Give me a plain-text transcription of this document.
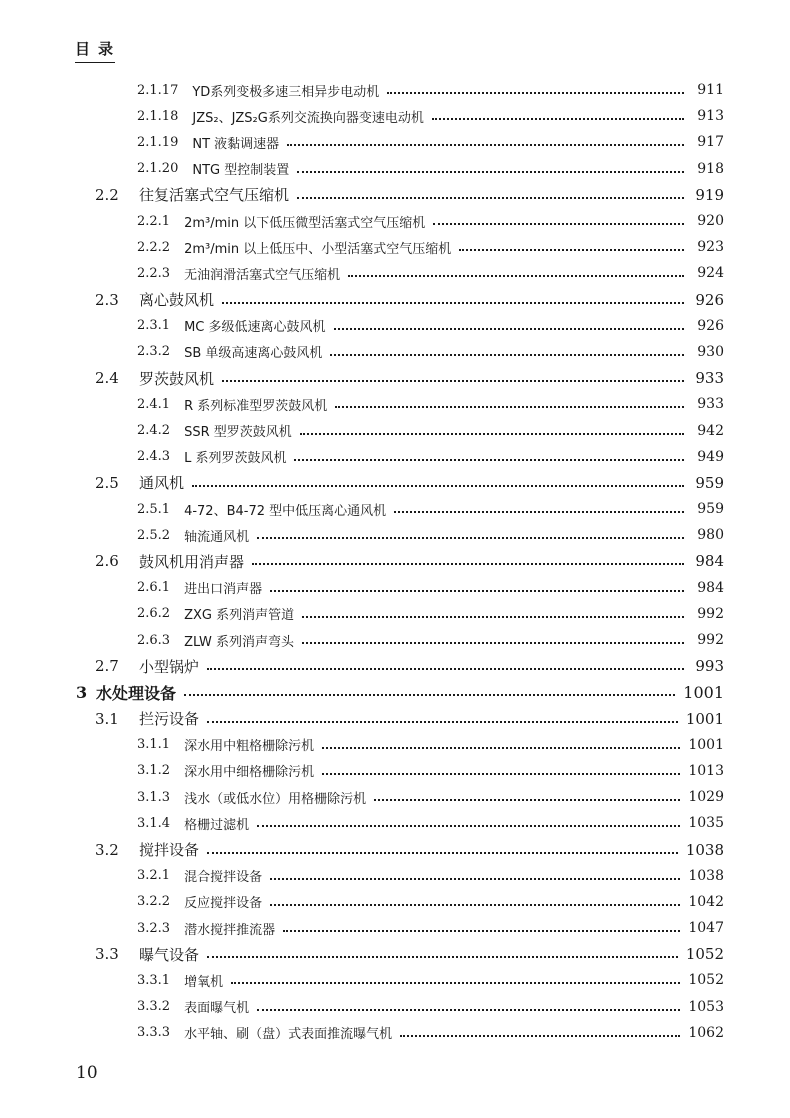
目录
2.1.17 YD系列变极多速三相异步电动机	911
2.1.18 JZS₂、JZS₂G系列交流换向器变速电动机	913
2.1.19 NT 液黏调速器	917
2.1.20 NTG 型控制装置	918
2.2	往复活塞式空气压缩机	919
2.2.1 2m³/min 以下低压微型活塞式空气压缩机	920
2.2.2 2m³/min 以上低压中、小型活塞式空气压缩机	923
2.2.3 无油润滑活塞式空气压缩机	924
2.3	离心鼓风机	926
2.3.1 MC 多级低速离心鼓风机	926
2.3.2 SB 单级高速离心鼓风机	930
2.4	罗茨鼓风机	933
2.4.1 R 系列标准型罗茨鼓风机	933
2.4.2 SSR 型罗茨鼓风机	942
2.4.3 L 系列罗茨鼓风机	949
2.5	通风机	959
2.5.1 4-72、B4-72 型中低压离心通风机	959
2.5.2 轴流通风机	980
2.6	鼓风机用消声器	984
2.6.1 进出口消声器	984
2.6.2 ZXG 系列消声管道	992
2.6.3 ZLW 系列消声弯头	992
2.7	小型锅炉	993
3 水处理设备	1001
3.1	拦污设备	1001
3.1.1 深水用中粗格栅除污机	1001
3.1.2 深水用中细格栅除污机	1013
3.1.3 浅水（或低水位）用格栅除污机	1029
3.1.4 格栅过滤机	1035
3.2	搅拌设备	1038
3.2.1 混合搅拌设备	1038
3.2.2 反应搅拌设备	1042
3.2.3 潜水搅拌推流器	1047
3.3	曝气设备	1052
3.3.1 增氧机	1052
3.3.2 表面曝气机	1053
3.3.3 水平轴、刷（盘）式表面推流曝气机	1062
10
